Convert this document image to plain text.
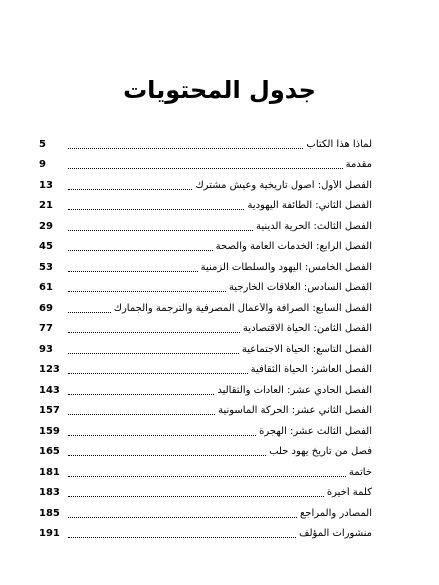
جدول المحتويات
لماذا هذا الكتاب
5
مقدمة
9
الفصل الأول: أصول تاريخية وعيش مشترك
13
الفصل الثاني: الطائفة اليهودية
21
الفصل الثالث: الحرية الدينية
29
الفصل الرابع: الخدمات العامة والصحة
45
الفصل الخامس: اليهود والسلطات الزمنية
53
الفصل السادس: العلاقات الخارجية
61
الفصل السابع: الصرافة والأعمال المصرفية والترجمة والجمارك
69
الفصل الثامن: الحياة الاقتصادية
77
الفصل التاسع: الحياة الاجتماعية
93
الفصل العاشر: الحياة الثقافية
123
الفصل الحادي عشر: العادات والتقاليد
143
الفصل الثاني عشر: الحركة الماسونية
157
الفصل الثالث عشر: الهجرة
159
فصل من تاريخ يهود حلب
165
خاتمة
181
كلمة أخيرة
183
المصادر والمراجع
185
منشورات المؤلف
191
